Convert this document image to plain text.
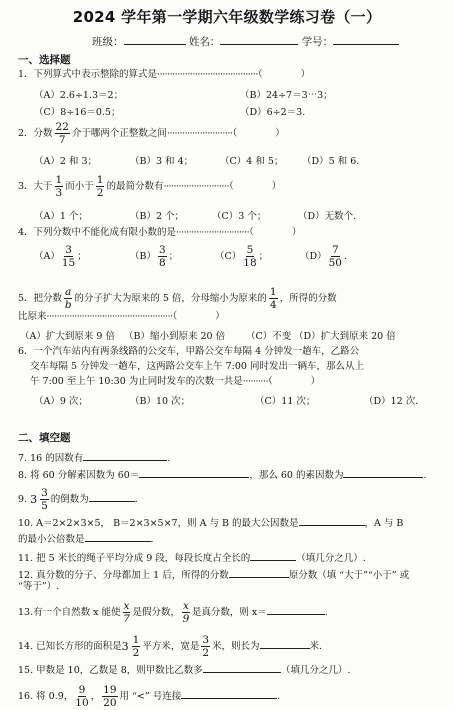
2024 学年第一学期六年级数学练习卷（一）
班级：	姓名：	学号：
一、选择题
1．下列算式中表示整除的算式是········································（　　　　）
（A）2.6÷1.3＝2；	（B）24÷7＝3⋯3；
（C）8÷16＝0.5；	（D）6÷2＝3.
2．分数 $\frac{22}{7}$ 介于哪两个正整数之间··························（　　　　）
（A）2 和 3；	（B）3 和 4；	（C）4 和 5； （D）5 和 6.
3．大于 $\frac{1}{3}$ 而小于 $\frac{1}{2}$ 的最简分数有··························（　　　　）
（A）1 个；	（B）2 个；	（C）3 个；	（D）无数个.
4．下列分数中不能化成有限小数的是·····························（　　　　）
$(A) \frac{3}{15}$ ；	$(B) \frac{3}{8}$ ；	$(C) \frac{5}{18}$ ；	$(D) \frac{7}{50}$ .
5．把分数 $\frac{a}{b}$ 的分子扩大为原来的 5 倍，分母缩小为原来的 $\frac{1}{4}$ ，所得的分数
比原来··················································（　　　　）
（A）扩大到原来 9 倍 （B）缩小到原来 20 倍 （C）不变 （D）扩大到原来 20 倍
6．一个汽车站内有两条线路的公交车，甲路公交车每隔 4 分钟发一趟车，乙路公
交车每隔 5 分钟发一趟车，这两路公交车上午 7:00 同时发出一辆车，那么从上
午 7:00 至上午 10:30 为止同时发车的次数一共是··········（　　　　）
（A）9 次；	（B）10 次；	（C）11 次；	（D）12 次.
二、填空题
7. 16 的因数有	.
8. 将 60 分解素因数为 60＝	，那么 60 的素因数为	.
9. $3 \frac{3}{5}$ 的倒数为	.
10. A＝2×2×3×5， B＝2×3×5×7，则 A 与 B 的最大公因数是	，A 与 B
的最小公倍数是	.
11. 把 5 米长的绳子平均分成 9 段，每段长度占全长的	（填几分之几）.
12. 真分数的分子、分母都加上 1 后，所得的分数	原分数（填 “大于”“小于” 或
“等于”）.
13.有一个自然数 x 能使 $\frac{x}{7}$ 是假分数， $\frac{x}{9}$ 是真分数，则 x＝	.
14. 已知长方形的面积是 $3 \frac{1}{2}$ 平方米，宽是 $\frac{3}{2}$ 米，则长为	米.
15. 甲数是 10，乙数是 8，则甲数比乙数多	（填几分之几）.
16. 将 0.9̇， $\frac{9}{10}$ ， $\frac{19}{20}$ 用 “<” 号连接	.
